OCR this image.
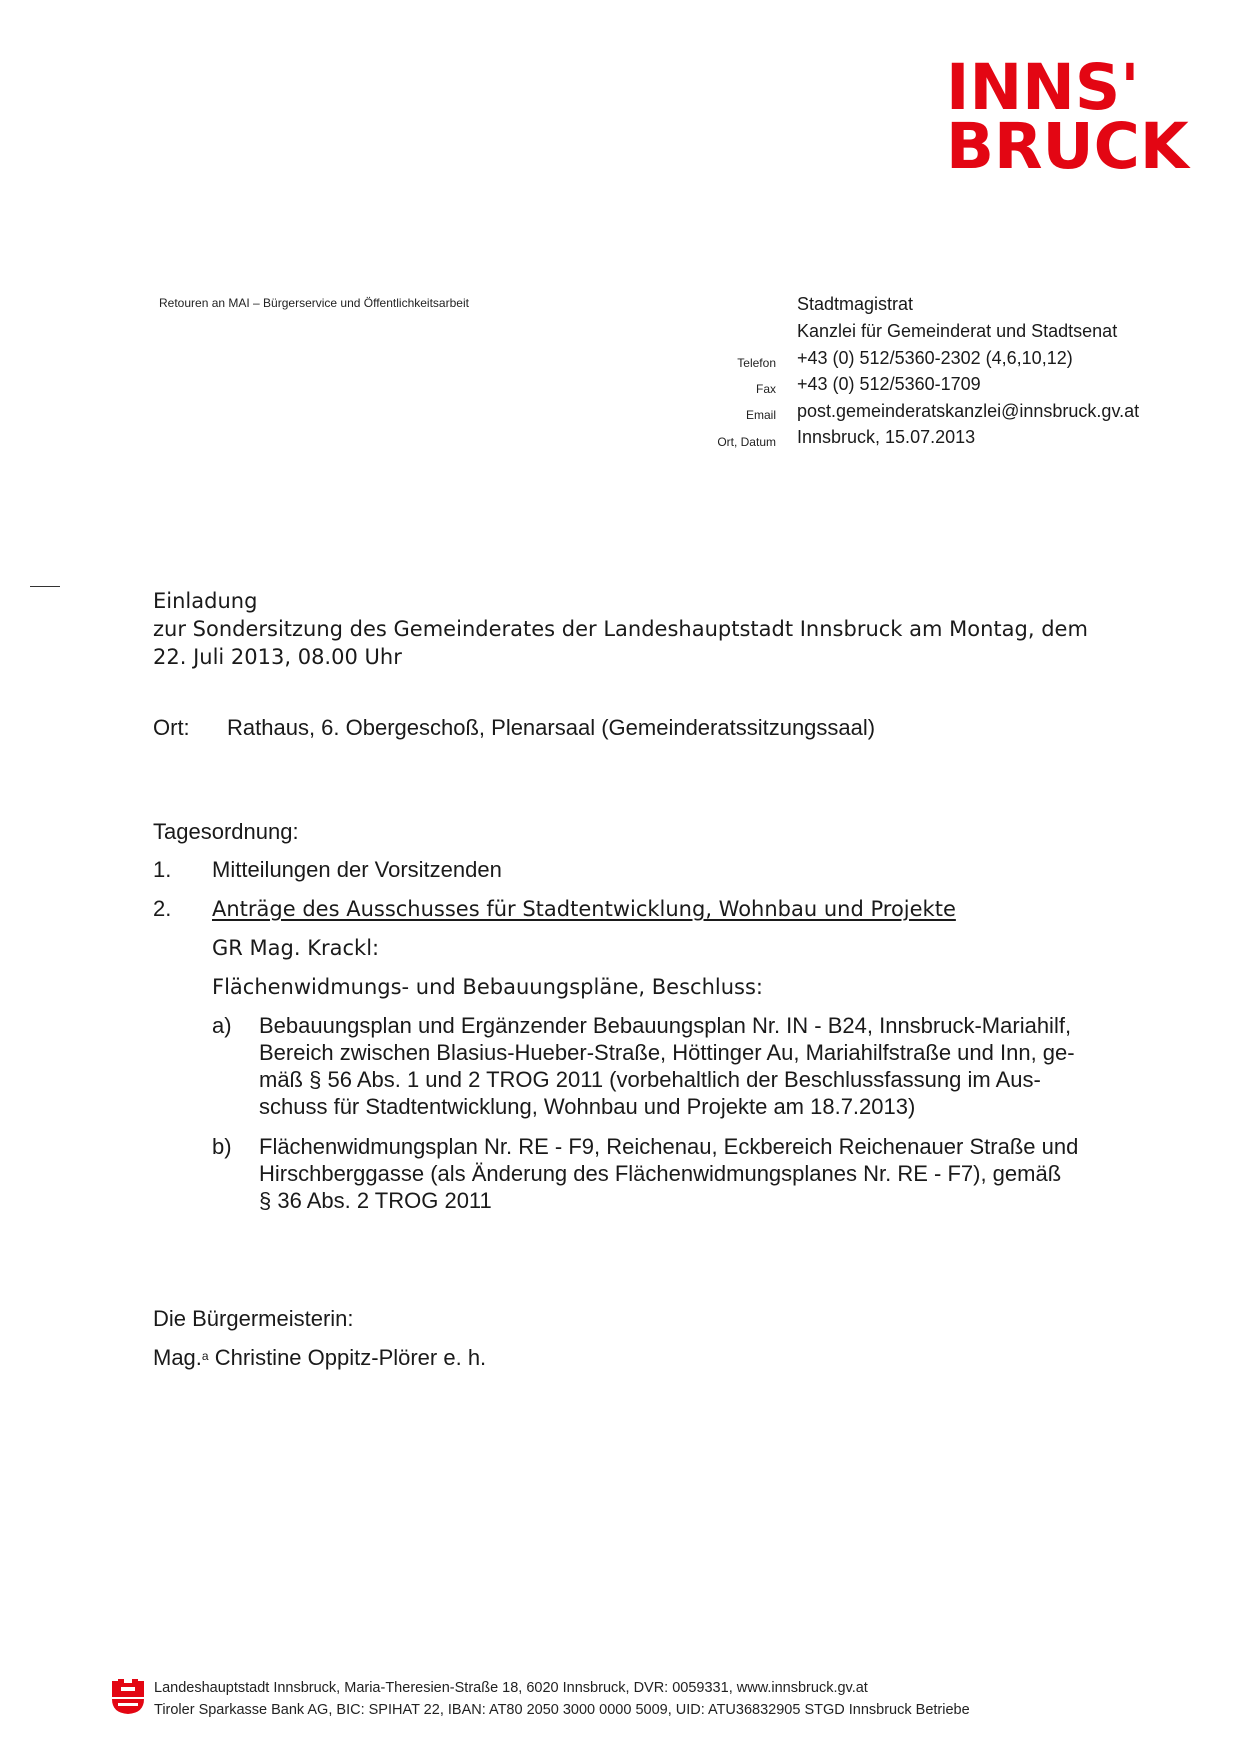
INNS'
BRUCK
Retouren an MAI – Bürgerservice und Öffentlichkeitsarbeit	Stadtmagistrat
Kanzlei für Gemeinderat und Stadtsenat
Telefon +43 (0) 512/5360-2302 (4,6,10,12)
Fax +43 (0) 512/5360-1709
Email post.gemeinderatskanzlei@innsbruck.gv.at
Ort, Datum Innsbruck, 15.07.2013
Einladung
zur Sondersitzung des Gemeinderates der Landeshauptstadt Innsbruck am Montag, dem
22. Juli 2013, 08.00 Uhr
Ort: Rathaus, 6. Obergeschoß, Plenarsaal (Gemeinderatssitzungssaal)
Tagesordnung:
1. Mitteilungen der Vorsitzenden
2. Anträge des Ausschusses für Stadtentwicklung, Wohnbau und Projekte
GR Mag. Krackl:
Flächenwidmungs- und Bebauungspläne, Beschluss:
a) Bebauungsplan und Ergänzender Bebauungsplan Nr. IN - B24, Innsbruck-Mariahilf,
Bereich zwischen Blasius-Hueber-Straße, Höttinger Au, Mariahilfstraße und Inn, ge-
mäß § 56 Abs. 1 und 2 TROG 2011 (vorbehaltlich der Beschlussfassung im Aus-
schuss für Stadtentwicklung, Wohnbau und Projekte am 18.7.2013)
b) Flächenwidmungsplan Nr. RE - F9, Reichenau, Eckbereich Reichenauer Straße und
Hirschberggasse (als Änderung des Flächenwidmungsplanes Nr. RE - F7), gemäß
§ 36 Abs. 2 TROG 2011
Die Bürgermeisterin:
Mag.$^a$ Christine Oppitz-Plörer e. h.
Landeshauptstadt Innsbruck, Maria-Theresien-Straße 18, 6020 Innsbruck, DVR: 0059331, www.innsbruck.gv.at
Tiroler Sparkasse Bank AG, BIC: SPIHAT 22, IBAN: AT80 2050 3000 0000 5009, UID: ATU36832905 STGD Innsbruck Betriebe
